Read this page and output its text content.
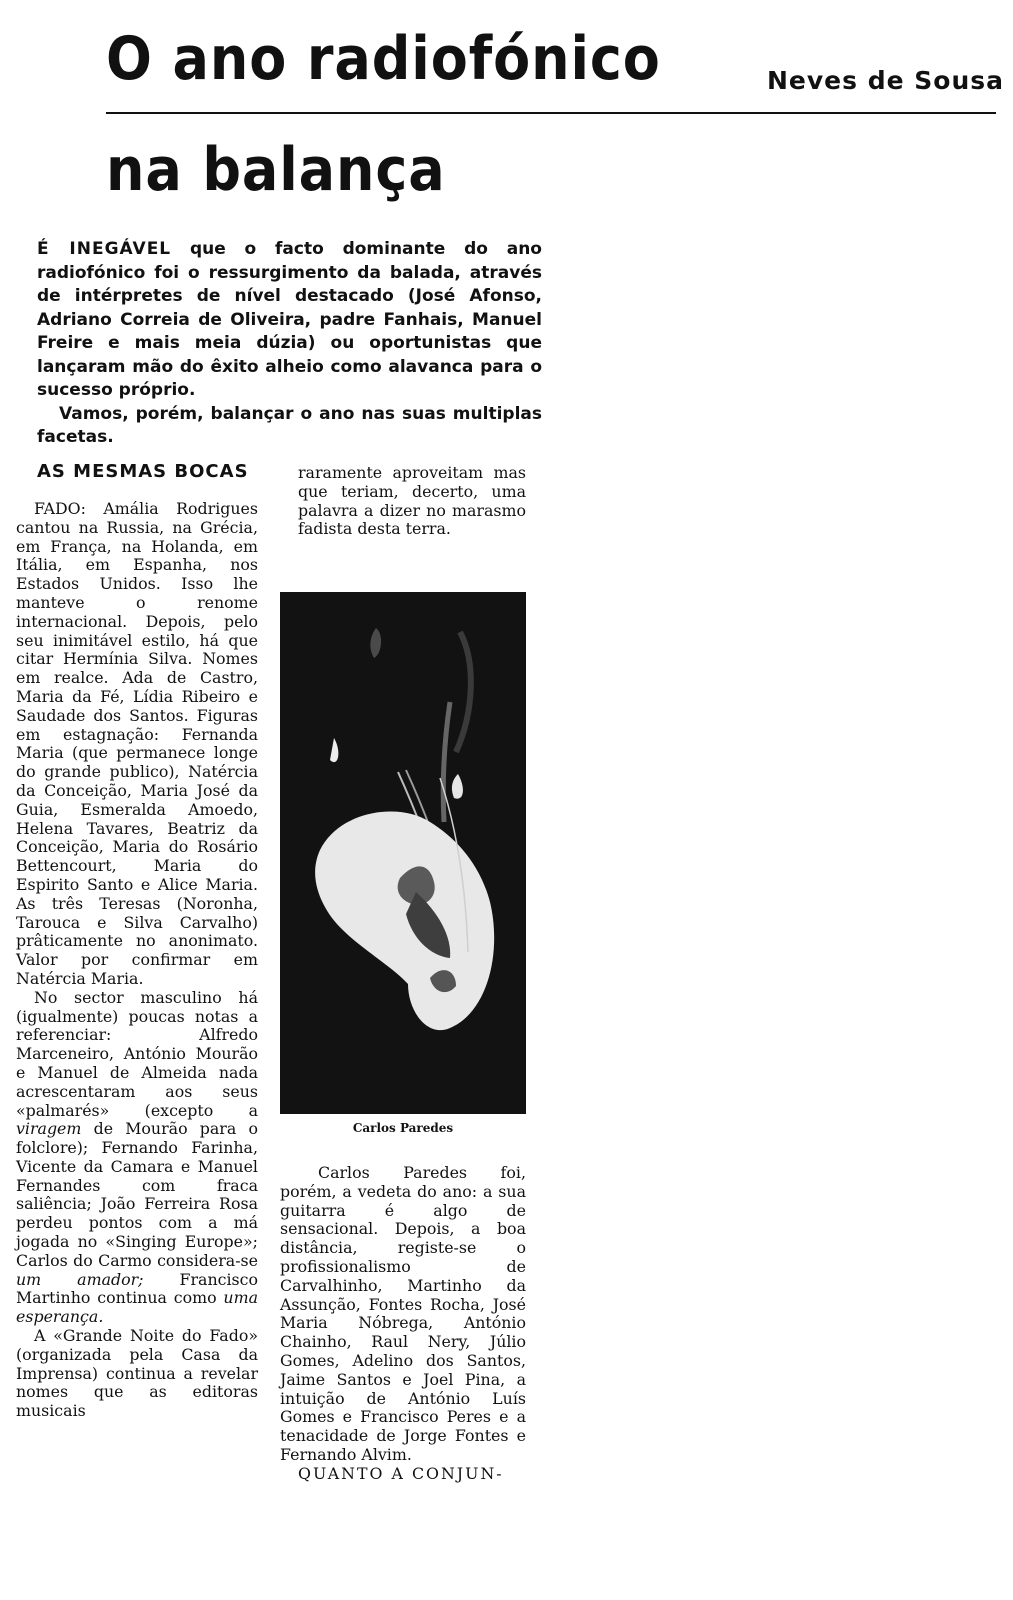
O ano radiofónico
na balança
Neves de Sousa

É INEGÁVEL que o facto dominante do ano radiofónico foi o ressurgimento da balada, através de intérpretes de nível destacado (José Afonso, Adriano Correia de Oliveira, padre Fanhais, Manuel Freire e mais meia dúzia) ou oportunistas que lançaram mão do êxito alheio como alavanca para o sucesso próprio.

Vamos, porém, balançar o ano nas suas multiplas facetas.

AS MESMAS BOCAS

FADO: Amália Rodrigues cantou na Russia, na Grécia, em França, na Holanda, em Itália, em Espanha, nos Estados Unidos. Isso lhe manteve o renome internacional. Depois, pelo seu inimitável estilo, há que citar Hermínia Silva. Nomes em realce. Ada de Castro, Maria da Fé, Lídia Ribeiro e Saudade dos Santos. Figuras em estagnação: Fernanda Maria (que permanece longe do grande publico), Natércia da Conceição, Maria José da Guia, Esmeralda Amoedo, Helena Tavares, Beatriz da Conceição, Maria do Rosário Bettencourt, Maria do Espirito Santo e Alice Maria. As três Teresas (Noronha, Tarouca e Silva Carvalho) prâticamente no anonimato. Valor por confirmar em Natércia Maria.

No sector masculino há (igualmente) poucas notas a referenciar: Alfredo Marceneiro, António Mourão e Manuel de Almeida nada acrescentaram aos seus «palmarés» (excepto a viragem de Mourão para o folclore); Fernando Farinha, Vicente da Camara e Manuel Fernandes com fraca saliência; João Ferreira Rosa perdeu pontos com a má jogada no «Singing Europe»; Carlos do Carmo considera-se um amador; Francisco Martinho continua como uma esperança.

A «Grande Noite do Fado» (organizada pela Casa da Imprensa) continua a revelar nomes que as editoras musicais

raramente aproveitam mas que teriam, decerto, uma palavra a dizer no marasmo fadista desta terra.

Carlos Paredes

Carlos Paredes foi, porém, a vedeta do ano: a sua guitarra é algo de sensacional. Depois, a boa distância, registe-se o profissionalismo de Carvalhinho, Martinho da Assunção, Fontes Rocha, José Maria Nóbrega, António Chainho, Raul Nery, Júlio Gomes, Adelino dos Santos, Jaime Santos e Joel Pina, a intuição de António Luís Gomes e Francisco Peres e a tenacidade de Jorge Fontes e Fernando Alvim.

QUANTO A CONJUN-
